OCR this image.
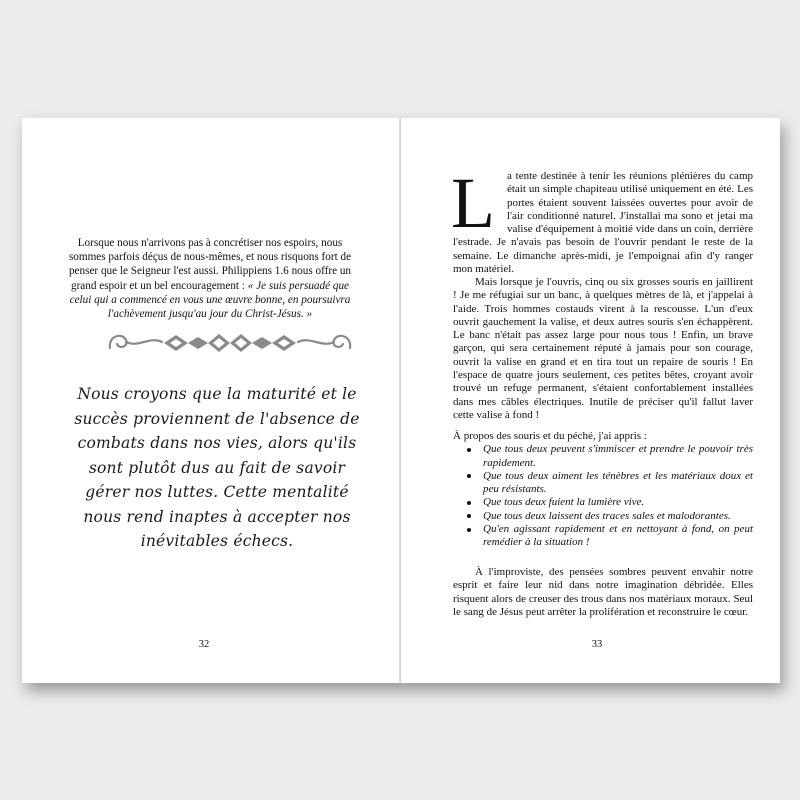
Lorsque nous n'arrivons pas à concrétiser nos espoirs, nous sommes parfois déçus de nous-mêmes, et nous risquons fort de penser que le Seigneur l'est aussi. Philippiens 1.6 nous offre un grand espoir et un bel encouragement : « Je suis persuadé que celui qui a commencé en vous une œuvre bonne, en poursuivra l'achèvement jusqu'au jour du Christ-Jésus. »
Nous croyons que la maturité et le succès proviennent de l'absence de combats dans nos vies, alors qu'ils sont plutôt dus au fait de savoir gérer nos luttes. Cette mentalité nous rend inaptes à accepter nos inévitables échecs.
32
L a tente destinée à tenir les réunions plénières du camp était un simple chapiteau utilisé uniquement en été. Les portes étaient souvent laissées ouvertes pour avoir de l'air conditionné naturel. J'installai ma sono et jetai ma valise d'équipement à moitié vide dans un coin, derrière l'estrade. Je n'avais pas besoin de l'ouvrir pendant le reste de la semaine. Le dimanche après-midi, je l'empoignai afin d'y ranger mon matériel.
Mais lorsque je l'ouvris, cinq ou six grosses souris en jaillirent ! Je me réfugiai sur un banc, à quelques mètres de là, et j'appelai à l'aide. Trois hommes costauds virent à la rescousse. L'un d'eux ouvrit gauchement la valise, et deux autres souris s'en échappèrent. Le banc n'était pas assez large pour nous tous ! Enfin, un brave garçon, qui sera certainement réputé à jamais pour son courage, ouvrit la valise en grand et en tira tout un repaire de souris ! En l'espace de quatre jours seulement, ces petites bêtes, croyant avoir trouvé un refuge permanent, s'étaient confortablement installées dans mes câbles électriques. Inutile de préciser qu'il fallut laver cette valise à fond !
À propos des souris et du péché, j'ai appris :
Que tous deux peuvent s'immiscer et prendre le pouvoir très rapidement.
Que tous deux aiment les ténèbres et les matériaux doux et peu résistants.
Que tous deux fuient la lumière vive.
Que tous deux laissent des traces sales et malodorantes.
Qu'en agissant rapidement et en nettoyant à fond, on peut remédier à la situation !
À l'improviste, des pensées sombres peuvent envahir notre esprit et faire leur nid dans notre imagination débridée. Elles risquent alors de creuser des trous dans nos matériaux moraux. Seul le sang de Jésus peut arrêter la prolifération et reconstruire le cœur.
33
